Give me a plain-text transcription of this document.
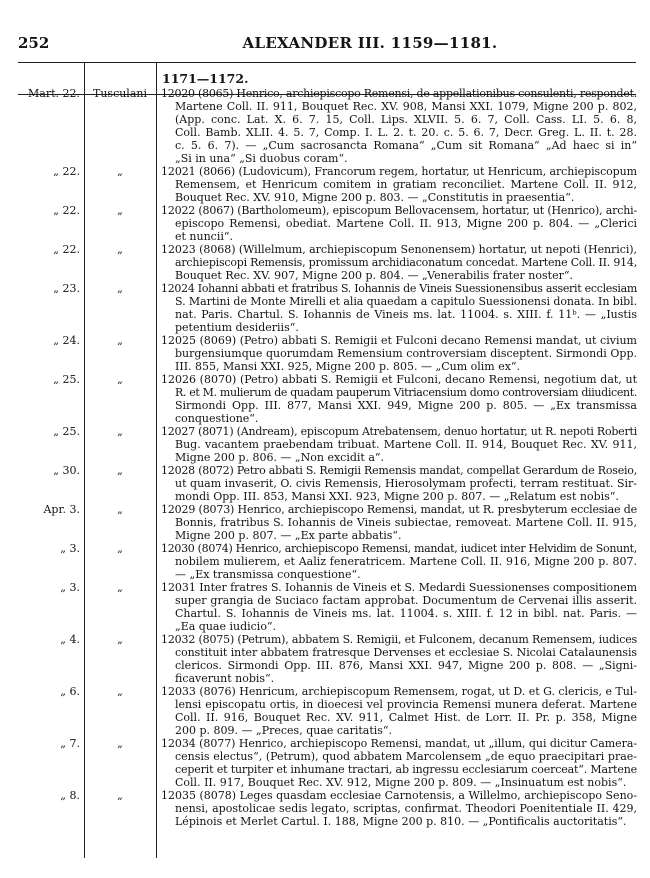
252	ALEXANDER III. 1159—1181.
1171—1172.
Mart. 22.	Tusculani	12020 (8065) Henrico, archiepiscopo Remensi, de appellationibus consulenti, respondet.
Martene Coll. II. 911, Bouquet Rec. XV. 908, Mansi XXI. 1079, Migne 200 p. 802,
(App. conc. Lat. X. 6. 7. 15, Coll. Lips. XLVII. 5. 6. 7, Coll. Cass. LI. 5. 6. 8,
Coll. Bamb. XLII. 4. 5. 7, Comp. I. L. 2. t. 20. c. 5. 6. 7, Decr. Greg. L. II. t. 28.
c. 5. 6. 7). — „Cum sacrosancta Romana“ „Cum sit Romana“ „Ad haec si in“
„Si in una“ „Si duobus coram“.
„ 22.	„	12021 (8066) (Ludovicum), Francorum regem, hortatur, ut Henricum, archiepiscopum
Remensem, et Henricum comitem in gratiam reconciliet. Martene Coll. II. 912,
Bouquet Rec. XV. 910, Migne 200 p. 803. — „Constitutis in praesentia“.
„ 22.	„	12022 (8067) (Bartholomeum), episcopum Bellovacensem, hortatur, ut (Henrico), archi-
episcopo Remensi, obediat. Martene Coll. II. 913, Migne 200 p. 804. — „Clerici
et nuncii“.
„ 22.	„	12023 (8068) (Willelmum, archiepiscopum Senonensem) hortatur, ut nepoti (Henrici),
archiepiscopi Remensis, promissum archidiaconatum concedat. Martene Coll. II. 914,
Bouquet Rec. XV. 907, Migne 200 p. 804. — „Venerabilis frater noster“.
„ 23.	„	12024 Iohanni abbati et fratribus S. Iohannis de Vineis Suessionensibus asserit ecclesiam
S. Martini de Monte Mirelli et alia quaedam a capitulo Suessionensi donata. In bibl.
nat. Paris. Chartul. S. Iohannis de Vineis ms. lat. 11004. s. XIII. f. 11ᵇ. — „Iustis
petentium desideriis“.
„ 24.	„	12025 (8069) (Petro) abbati S. Remigii et Fulconi decano Remensi mandat, ut civium
burgensiumque quorumdam Remensium controversiam disceptent. Sirmondi Opp.
III. 855, Mansi XXI. 925, Migne 200 p. 805. — „Cum olim ex“.
„ 25.	„	12026 (8070) (Petro) abbati S. Remigii et Fulconi, decano Remensi, negotium dat, ut
R. et M. mulierum de quadam pauperum Vitriacensium domo controversiam diiudicent.
Sirmondi Opp. III. 877, Mansi XXI. 949, Migne 200 p. 805. — „Ex transmissa
conquestione“.
„ 25.	„	12027 (8071) (Andream), episcopum Atrebatensem, denuo hortatur, ut R. nepoti Roberti
Bug. vacantem praebendam tribuat. Martene Coll. II. 914, Bouquet Rec. XV. 911,
Migne 200 p. 806. — „Non excidit a“.
„ 30.	„	12028 (8072) Petro abbati S. Remigii Remensis mandat, compellat Gerardum de Roseio,
ut quam invaserit, O. civis Remensis, Hierosolymam profecti, terram restituat. Sir-
mondi Opp. III. 853, Mansi XXI. 923, Migne 200 p. 807. — „Relatum est nobis“.
Apr. 3.	„	12029 (8073) Henrico, archiepiscopo Remensi, mandat, ut R. presbyterum ecclesiae de
Bonnis, fratribus S. Iohannis de Vineis subiectae, removeat. Martene Coll. II. 915,
Migne 200 p. 807. — „Ex parte abbatis“.
„ 3.	„	12030 (8074) Henrico, archiepiscopo Remensi, mandat, iudicet inter Helvidim de Sonunt,
nobilem mulierem, et Aaliz feneratricem. Martene Coll. II. 916, Migne 200 p. 807.
— „Ex transmissa conquestione“.
„ 3.	„	12031 Inter fratres S. Iohannis de Vineis et S. Medardi Suessionenses compositionem
super grangia de Suciaco factam approbat. Documentum de Cervenai illis asserit.
Chartul. S. Iohannis de Vineis ms. lat. 11004. s. XIII. f. 12 in bibl. nat. Paris. —
„Ea quae iudicio“.
„ 4.	„	12032 (8075) (Petrum), abbatem S. Remigii, et Fulconem, decanum Remensem, iudices
constituit inter abbatem fratresque Dervenses et ecclesiae S. Nicolai Catalaunensis
clericos. Sirmondi Opp. III. 876, Mansi XXI. 947, Migne 200 p. 808. — „Signi-
ficaverunt nobis“.
„ 6.	„	12033 (8076) Henricum, archiepiscopum Remensem, rogat, ut D. et G. clericis, e Tul-
lensi episcopatu ortis, in dioecesi vel provincia Remensi munera deferat. Martene
Coll. II. 916, Bouquet Rec. XV. 911, Calmet Hist. de Lorr. II. Pr. p. 358, Migne
200 p. 809. — „Preces, quae caritatis“.
„ 7.	„	12034 (8077) Henrico, archiepiscopo Remensi, mandat, ut „illum, qui dicitur Camera-
censis electus“, (Petrum), quod abbatem Marcolensem „de equo praecipitari prae-
ceperit et turpiter et inhumane tractari, ab ingressu ecclesiarum coerceat“. Martene
Coll. II. 917, Bouquet Rec. XV. 912, Migne 200 p. 809. — „Insinuatum est nobis“.
„ 8.	„	12035 (8078) Leges quasdam ecclesiae Carnotensis, a Willelmo, archiepiscopo Seno-
nensi, apostolicae sedis legato, scriptas, confirmat. Theodori Poenitentiale II. 429,
Lépinois et Merlet Cartul. I. 188, Migne 200 p. 810. — „Pontificalis auctoritatis“.
